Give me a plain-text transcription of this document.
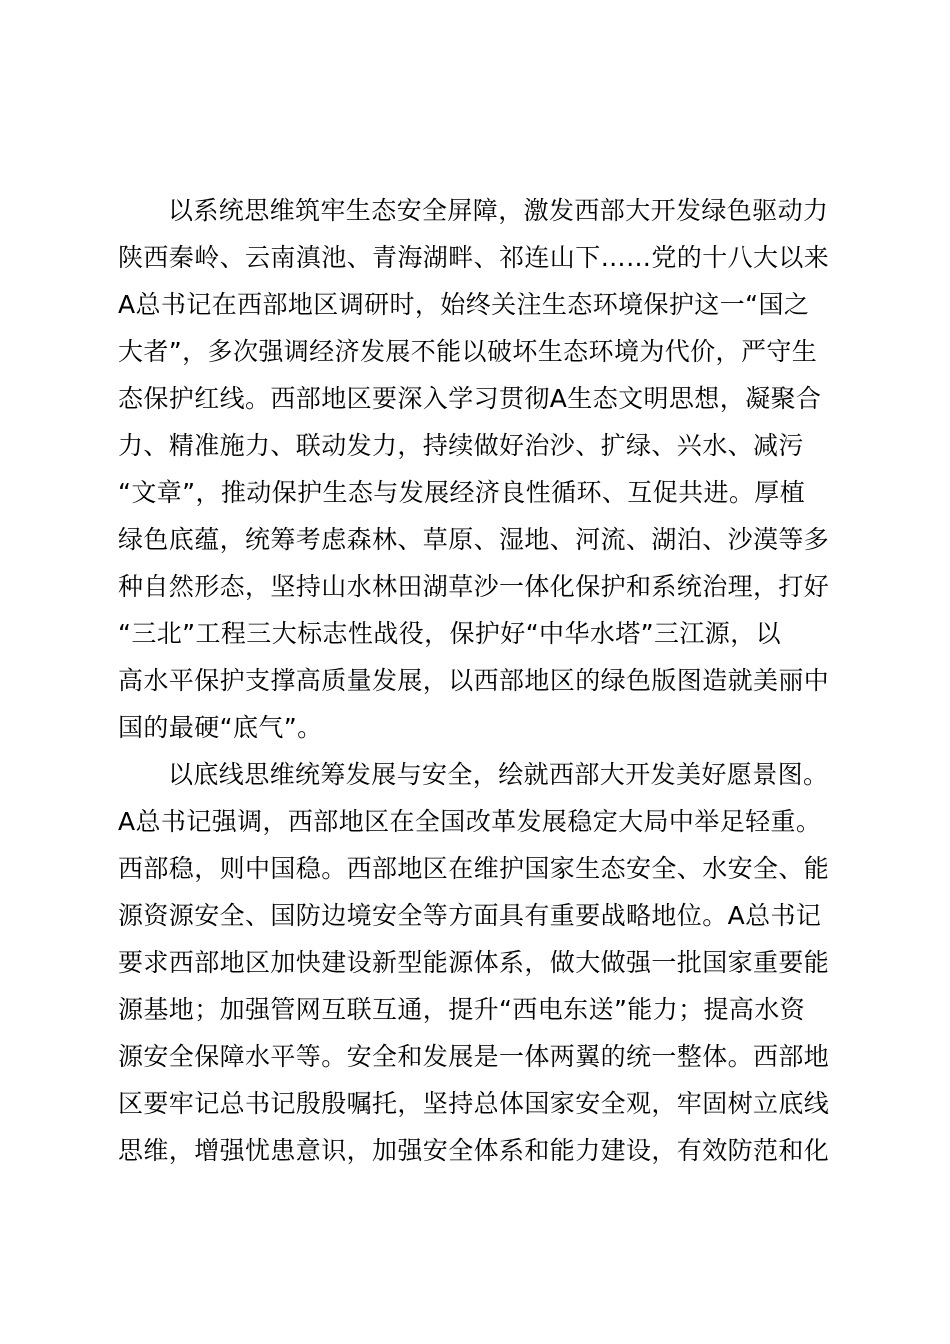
以系统思维筑牢生态安全屏障，激发西部大开发绿色驱动力
陕西秦岭、云南滇池、青海湖畔、祁连山下……党的十八大以来
A总书记在西部地区调研时，始终关注生态环境保护这一“国之
大者”，多次强调经济发展不能以破坏生态环境为代价，严守生
态保护红线。西部地区要深入学习贯彻A生态文明思想，凝聚合
力、精准施力、联动发力，持续做好治沙、扩绿、兴水、减污
“文章”，推动保护生态与发展经济良性循环、互促共进。厚植
绿色底蕴，统筹考虑森林、草原、湿地、河流、湖泊、沙漠等多
种自然形态，坚持山水林田湖草沙一体化保护和系统治理，打好
“三北”工程三大标志性战役，保护好“中华水塔”三江源，以
高水平保护支撑高质量发展，以西部地区的绿色版图造就美丽中
国的最硬“底气”。
以底线思维统筹发展与安全，绘就西部大开发美好愿景图。
A总书记强调，西部地区在全国改革发展稳定大局中举足轻重。
西部稳，则中国稳。西部地区在维护国家生态安全、水安全、能
源资源安全、国防边境安全等方面具有重要战略地位。A总书记
要求西部地区加快建设新型能源体系，做大做强一批国家重要能
源基地；加强管网互联互通，提升“西电东送”能力；提高水资
源安全保障水平等。安全和发展是一体两翼的统一整体。西部地
区要牢记总书记殷殷嘱托，坚持总体国家安全观，牢固树立底线
思维，增强忧患意识，加强安全体系和能力建设，有效防范和化
